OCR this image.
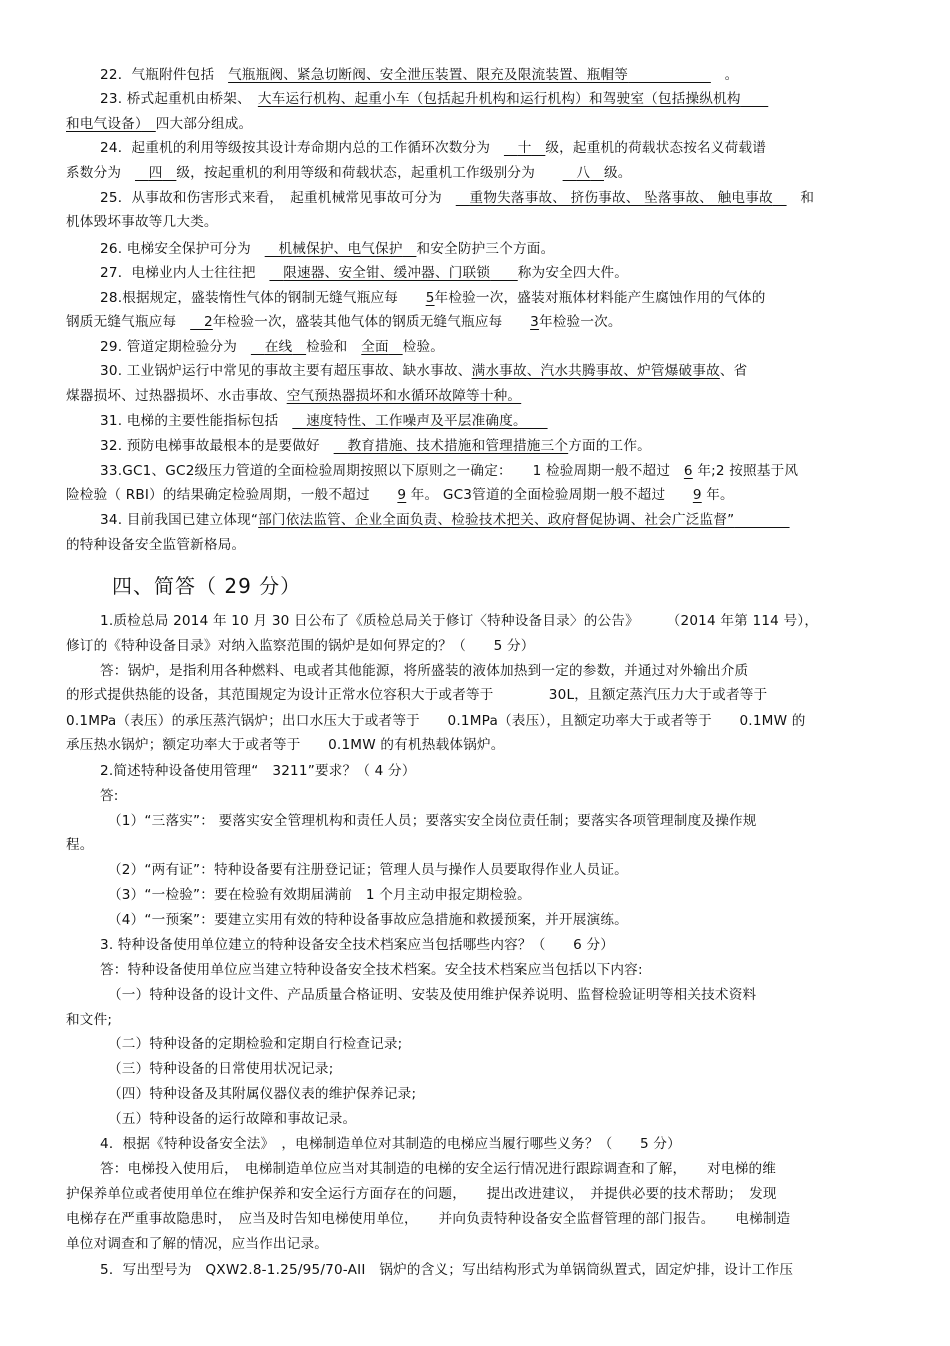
22．气瓶附件包括　 气瓶瓶阀、紧急切断阀、安全泄压装置、限充及限流装置、瓶帽等　　　　　　　	。
23. 桥式起重机由桥架、　 大车运行机构、起重小车（包括起升机构和运行机构）和驾驶室（包括操纵机构　　
和电气设备）　 四大部分组成。
24．起重机的利用等级按其设计寿命期内总的工作循环次数分为　　 十　 级，起重机的荷载状态按名义荷载谱
系数分为　　 四　 级，按起重机的利用等级和荷载状态，起重机工作级别分为　　　	八　 级。
25．从事故和伤害形式来看，　起重机械常见事故可分为　　 重物失落事故、 挤伤事故、 坠落事故、 触电事故　　 和
机体毁坏事故等几大类。
26. 电梯安全保护可分为　　 机械保护、电气保护　 和安全防护三个方面。
27．电梯业内人士往往把　　 限速器、安全钳、缓冲器、门联锁　　 称为安全四大件。
28.根据规定，盛装惰性气体的钢制无缝气瓶应每　　 5年检验一次，盛装对瓶体材料能产生腐蚀作用的气体的
钢质无缝气瓶应每　　 2年检验一次，盛装其他气体的钢质无缝气瓶应每　　 3年检验一次。
29. 管道定期检验分为　　 在线　 检验和　 全面　 检验。
30. 工业锅炉运行中常见的事故主要有超压事故、缺水事故、满水事故、汽水共腾事故、炉管爆破事故、省
煤器损坏、过热器损坏、水击事故、空气预热器损坏和水循环故障等十种。
31. 电梯的主要性能指标包括　　 速度特性、工作噪声及平层准确度。　　
32. 预防电梯事故最根本的是要做好　　 教育措施、技术措施和管理措施三个方面的工作。
33.GC1、GC2级压力管道的全面检验周期按照以下原则之一确定：　　1 检验周期一般不超过　 6 年;2 按照基于风
险检验（ RBI）的结果确定检验周期，一般不超过　　 9 年。 GC3管道的全面检验周期一般不超过　　 9 年。
34. 目前我国已建立体现“部门依法监管、企业全面负责、检验技术把关、政府督促协调、社会广泛监督”　　　　
的特种设备安全监管新格局。
四、简答（ 29 分）
1.质检总局 2014 年 10 月 30 日公布了《质检总局关于修订〈特种设备目录〉的公告》　　　（2014 年第 114 号），
修订的《特种设备目录》对纳入监察范围的锅炉是如何界定的？（　　5 分）
答：锅炉，是指利用各种燃料、电或者其他能源，将所盛装的液体加热到一定的参数，并通过对外输出介质
的形式提供热能的设备，其范围规定为设计正常水位容积大于或者等于　　　　30L，且额定蒸汽压力大于或者等于
0.1MPa（表压）的承压蒸汽锅炉；出口水压大于或者等于　　0.1MPa（表压），且额定功率大于或者等于　　0.1MW 的
承压热水锅炉；额定功率大于或者等于　　0.1MW 的有机热载体锅炉。
2.简述特种设备使用管理“　3211”要求？（ 4 分）
答:
（1）“三落实”： 要落实安全管理机构和责任人员；要落实安全岗位责任制；要落实各项管理制度及操作规
程。
（2）“两有证”：特种设备要有注册登记证；管理人员与操作人员要取得作业人员证。
（3）“一检验”：要在检验有效期届满前　1 个月主动申报定期检验。
（4）“一预案”：要建立实用有效的特种设备事故应急措施和救援预案，并开展演练。
3. 特种设备使用单位建立的特种设备安全技术档案应当包括哪些内容？（　　6 分）
答：特种设备使用单位应当建立特种设备安全技术档案。安全技术档案应当包括以下内容:
（一）特种设备的设计文件、产品质量合格证明、安装及使用维护保养说明、监督检验证明等相关技术资料
和文件;
（二）特种设备的定期检验和定期自行检查记录;
（三）特种设备的日常使用状况记录;
（四）特种设备及其附属仪器仪表的维护保养记录;
（五）特种设备的运行故障和事故记录。
4．根据《特种设备安全法》　，电梯制造单位对其制造的电梯应当履行哪些义务？（　　5 分）
答：电梯投入使用后，　电梯制造单位应当对其制造的电梯的安全运行情况进行跟踪调查和了解，　　对电梯的维
护保养单位或者使用单位在维护保养和安全运行方面存在的问题，　　提出改进建议，　并提供必要的技术帮助；　发现
电梯存在严重事故隐患时，　应当及时告知电梯使用单位，　　并向负责特种设备安全监督管理的部门报告。　　电梯制造
单位对调查和了解的情况，应当作出记录。
5．写出型号为　QXW2.8-1.25/95/70-AII　锅炉的含义；写出结构形式为单锅筒纵置式，固定炉排，设计工作压
